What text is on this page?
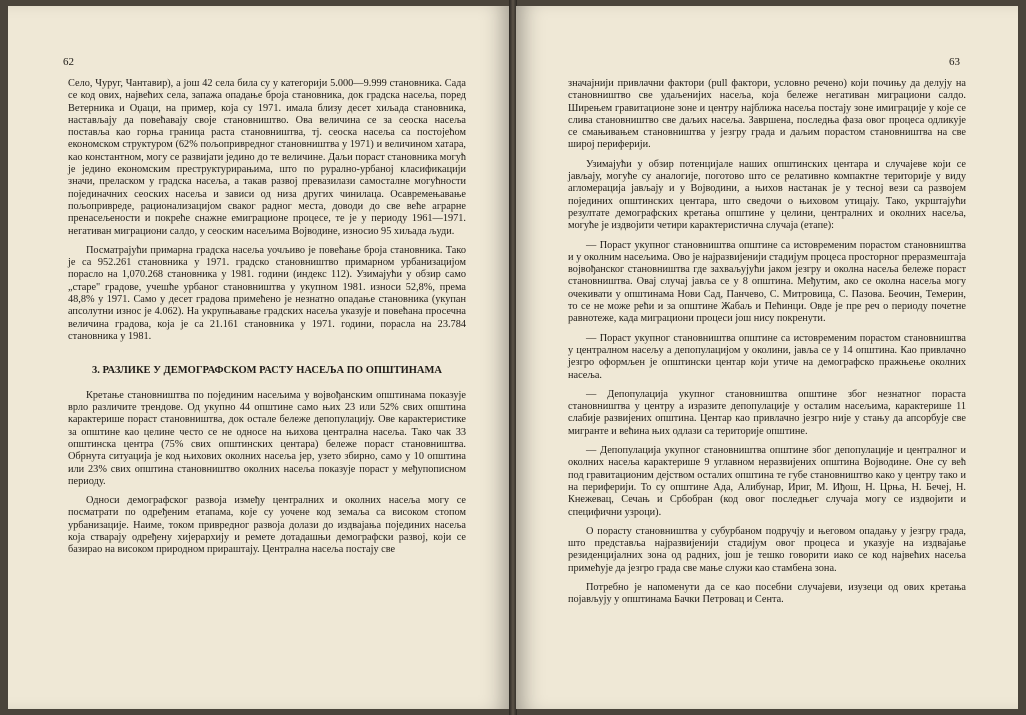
62

Село, Чуруг, Чантавир), а још 42 села била су у категорији 5.000—9.999 становника. Сада се код ових, највећих села, запажа опадање броја становника, док градска насеља, поред Ветерника и Оџаци, на пример, која су 1971. имала близу десет хиљада становника, настављају да повећавају своје становништво. Ова величина се за сеоска насеља поставља као горња граница раста становништва, тј. сеоска насеља са постојећом економском структуром (62% пољопривредног становништва у 1971) и величином хатара, као константном, могу се развијати једино до те величине. Даљи пораст становника могућ је једино економским преструктурирањима, што по рурално-урбаној класификацији значи, преласком у градска насеља, а такав развој превазилази самосталне могућности појединачних сеоских насеља и зависи од низа других чинилаца. Осавремењавање пољопривреде, рационализацијом сваког радног места, доводи до све веће аграрне пренасељености и покреће снажне емиграционе процесе, те је у периоду 1961—1971. негативан миграциони салдо, у сеоским насељима Војводине, износио 95 хиљада људи.

Посматрајући примарна градска насеља уочљиво је повећање броја становника. Тако је са 952.261 становника у 1971. градско становништво примарном урбанизацијом порасло на 1,070.268 становника у 1981. години (индекс 112). Узимајући у обзир само „старе" градове, учешће урбаног становништва у укупном 1981. износи 52,8%, према 48,8% у 1971. Само у десет градова примећено је незнатно опадање становника (укупан апсолутни износ је 4.062). На укрупњавање градских насеља указује и повећана просечна величина градова, која је са 21.161 становника у 1971. години, порасла на 23.784 становника у 1981.

3. РАЗЛИКЕ У ДЕМОГРАФСКОМ РАСТУ НАСЕЉА ПО ОПШТИНАМА

Кретање становништва по појединим насељима у војвођанским општинама показује врло различите трендове. Од укупно 44 општине само њих 23 или 52% свих општина карактерише пораст становништва, док остале бележе депопулацију. Ове карактеристике за општине као целине често се не односе на њихова централна насеља. Тако чак 33 општинска центра (75% свих општинских центара) бележе пораст становништва. Обрнута ситуација је код њихових околних насеља јер, узето збирно, само у 10 општина или 23% свих општина становништво околних насеља показује пораст у међупописном периоду.

Односи демографског развоја између централних и околних насеља могу се посматрати по одређеним етапама, које су уочене код земаља са високом стопом урбанизације. Наиме, током привредног развоја долази до издвајања појединих насеља која стварају одређену хијерархију и ремете дотадашњи демографски развој, који се базирао на високом природном прираштају. Централна насеља постају све

63

значајнији привлачни фактори (pull фактори, условно речено) који почињу да делују на становништво све удаљенијих насеља, која бележе негативан миграциони салдо. Ширењем гравитационе зоне и центру најближа насеља постају зоне имиграције у које се слива становништво све даљих насеља. Завршена, последња фаза овог процеса одликује се смањивањем становништва у језгру града и даљим порастом становништва на све широј периферији.

Узимајући у обзир потенцијале наших општинских центара и случајеве који се јављају, могуће су аналогије, поготово што се релативно компактне територије у виду агломерација јављају и у Војводини, а њихов настанак је у тесној вези са развојем појединих општинских центара, што сведочи о њиховом утицају. Тако, укрштајући резултате демографских кретања општине у целини, централних и околних насеља, могуће је издвојити четири карактеристична случаја (етапе):

— Пораст укупног становништва општине са истовременим порастом становништва и у околним насељима. Ово је најразвијенији стадијум процеса просторног преразмештаја војвођанског становништва где захваљујући јаком језгру и околна насеља бележе пораст становништва. Овај случај јавља се у 8 општина. Међутим, ако се околна насеља могу очекивати у општинама Нови Сад, Панчево, С. Митровица, С. Пазова. Беочин, Темерин, то се не може рећи и за општине Жабаљ и Пећинци. Овде је пре реч о периоду почетне равнотеже, када миграциони процеси још нису покренути.

— Пораст укупног становништва општине са истовременим порастом становништва у централном насељу а депопулацијом у околини, јавља се у 14 општина. Као привлачно језгро оформљен је општински центар који утиче на демографско пражњење околних насеља.

— Депопулација укупног становништва општине због незнатног пораста становништва у центру а изразите депопулације у осталим насељима, карактерише 11 слабије развијених општина. Центар као привлачно језгро није у стању да апсорбује све мигранте и већина њих одлази са територије општине.

— Депопулација укупног становништва општине због депопулације и централног и околних насеља карактерише 9 углавном неразвијених општина Војводине. Оне су већ под гравитационим дејством осталих општина те губе становништво како у центру тако и на периферији. То су општине Ада, Алибунар, Ириг, М. Иђош, Н. Црња, Н. Бечеј, Н. Кнежевац, Сечањ и Србобран (код овог последњег случаја могу се издвојити и специфични узроци).

О порасту становништва у субурбаном подручју и његовом опадању у језгру града, што представља најразвијенији стадијум овог процеса и указује на издвајање резиденцијалних зона од радних, још је тешко говорити иако се код највећих насеља примећује да језгро града све мање служи као стамбена зона.

Потребно је напоменути да се као посебни случајеви, изузеци од ових кретања појављују у општинама Бачки Петровац и Сента.
